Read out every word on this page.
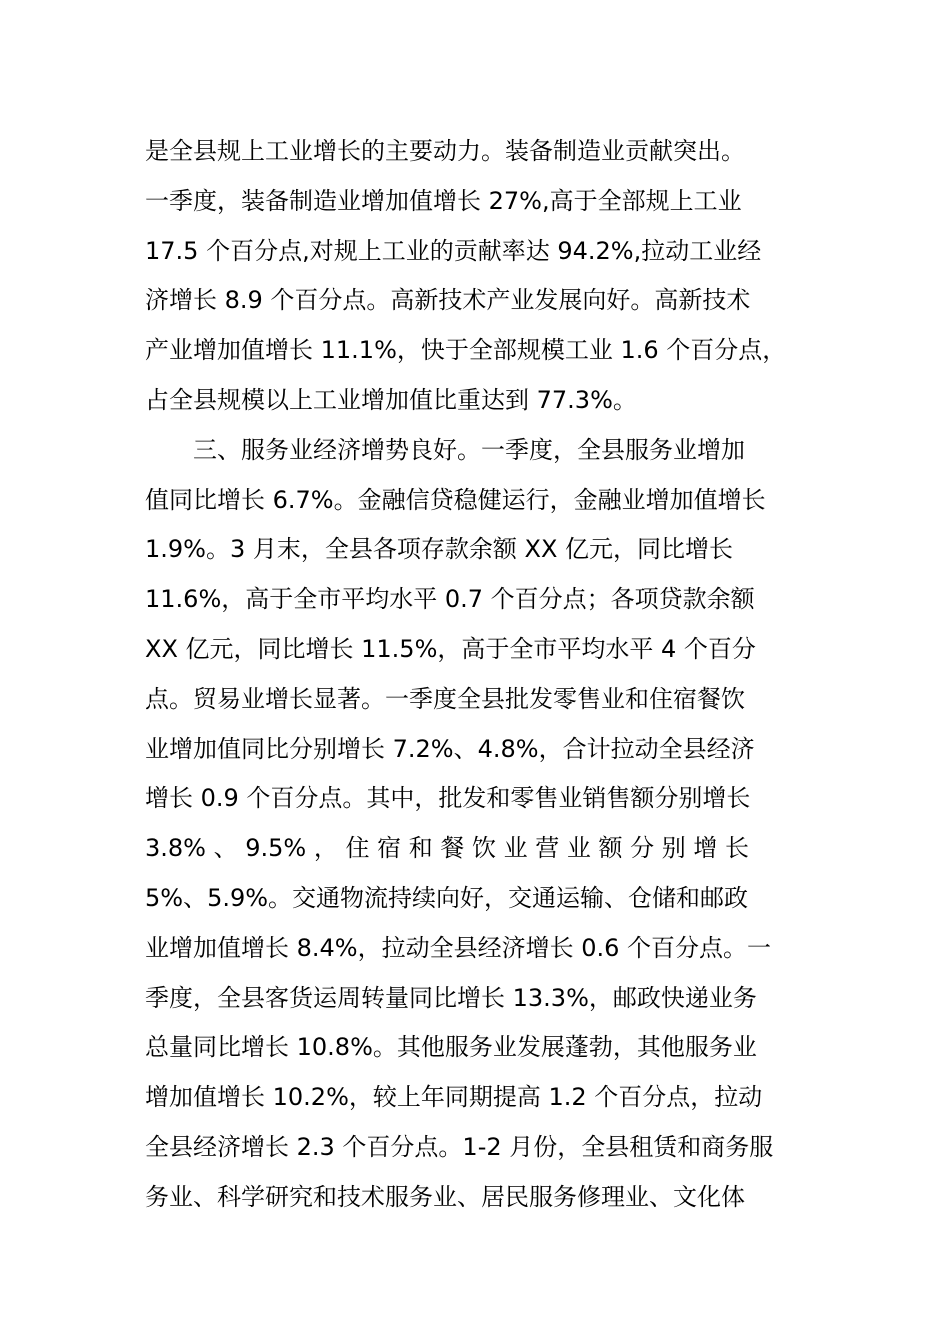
是全县规上工业增长的主要动力。装备制造业贡献突出。
一季度，装备制造业增加值增长 27%,高于全部规上工业
17.5 个百分点,对规上工业的贡献率达 94.2%,拉动工业经
济增长 8.9 个百分点。高新技术产业发展向好。高新技术
产业增加值增长 11.1%，快于全部规模工业 1.6 个百分点，
占全县规模以上工业增加值比重达到 77.3%。
三、服务业经济增势良好。一季度，全县服务业增加
值同比增长 6.7%。金融信贷稳健运行，金融业增加值增长
1.9%。3 月末，全县各项存款余额 XX 亿元，同比增长
11.6%，高于全市平均水平 0.7 个百分点；各项贷款余额
XX 亿元，同比增长 11.5%，高于全市平均水平 4 个百分
点。贸易业增长显著。一季度全县批发零售业和住宿餐饮
业增加值同比分别增长 7.2%、4.8%，合计拉动全县经济
增长 0.9 个百分点。其中，批发和零售业销售额分别增长
3.8% 、 9.5% ， 住 宿 和 餐 饮 业 营 业 额 分 别 增 长
5%、5.9%。交通物流持续向好，交通运输、仓储和邮政
业增加值增长 8.4%，拉动全县经济增长 0.6 个百分点。一
季度，全县客货运周转量同比增长 13.3%，邮政快递业务
总量同比增长 10.8%。其他服务业发展蓬勃，其他服务业
增加值增长 10.2%，较上年同期提高 1.2 个百分点，拉动
全县经济增长 2.3 个百分点。1-2 月份，全县租赁和商务服
务业、科学研究和技术服务业、居民服务修理业、文化体
